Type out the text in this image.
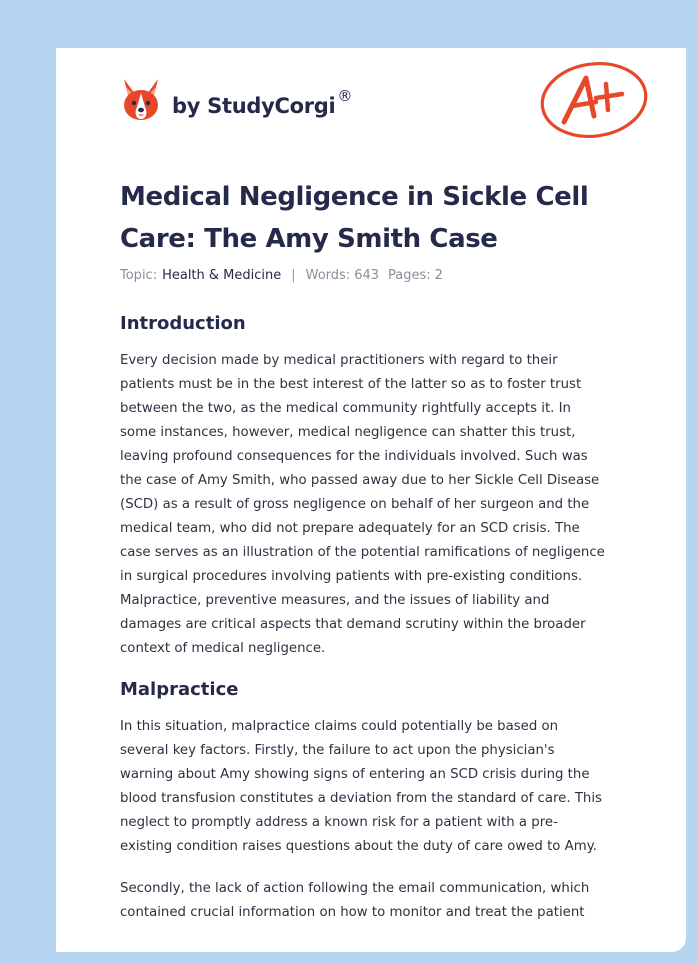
by StudyCorgi ®
Medical Negligence in Sickle Cell
Care: The Amy Smith Case
Topic: Health & Medicine | Words: 643 Pages: 2
Introduction

Every decision made by medical practitioners with regard to their
patients must be in the best interest of the latter so as to foster trust
between the two, as the medical community rightfully accepts it. In
some instances, however, medical negligence can shatter this trust,
leaving profound consequences for the individuals involved. Such was
the case of Amy Smith, who passed away due to her Sickle Cell Disease
(SCD) as a result of gross negligence on behalf of her surgeon and the
medical team, who did not prepare adequately for an SCD crisis. The
case serves as an illustration of the potential ramifications of negligence
in surgical procedures involving patients with pre-existing conditions.
Malpractice, preventive measures, and the issues of liability and
damages are critical aspects that demand scrutiny within the broader
context of medical negligence.

Malpractice

In this situation, malpractice claims could potentially be based on
several key factors. Firstly, the failure to act upon the physician's
warning about Amy showing signs of entering an SCD crisis during the
blood transfusion constitutes a deviation from the standard of care. This
neglect to promptly address a known risk for a patient with a pre-
existing condition raises questions about the duty of care owed to Amy.

Secondly, the lack of action following the email communication, which
contained crucial information on how to monitor and treat the patient
